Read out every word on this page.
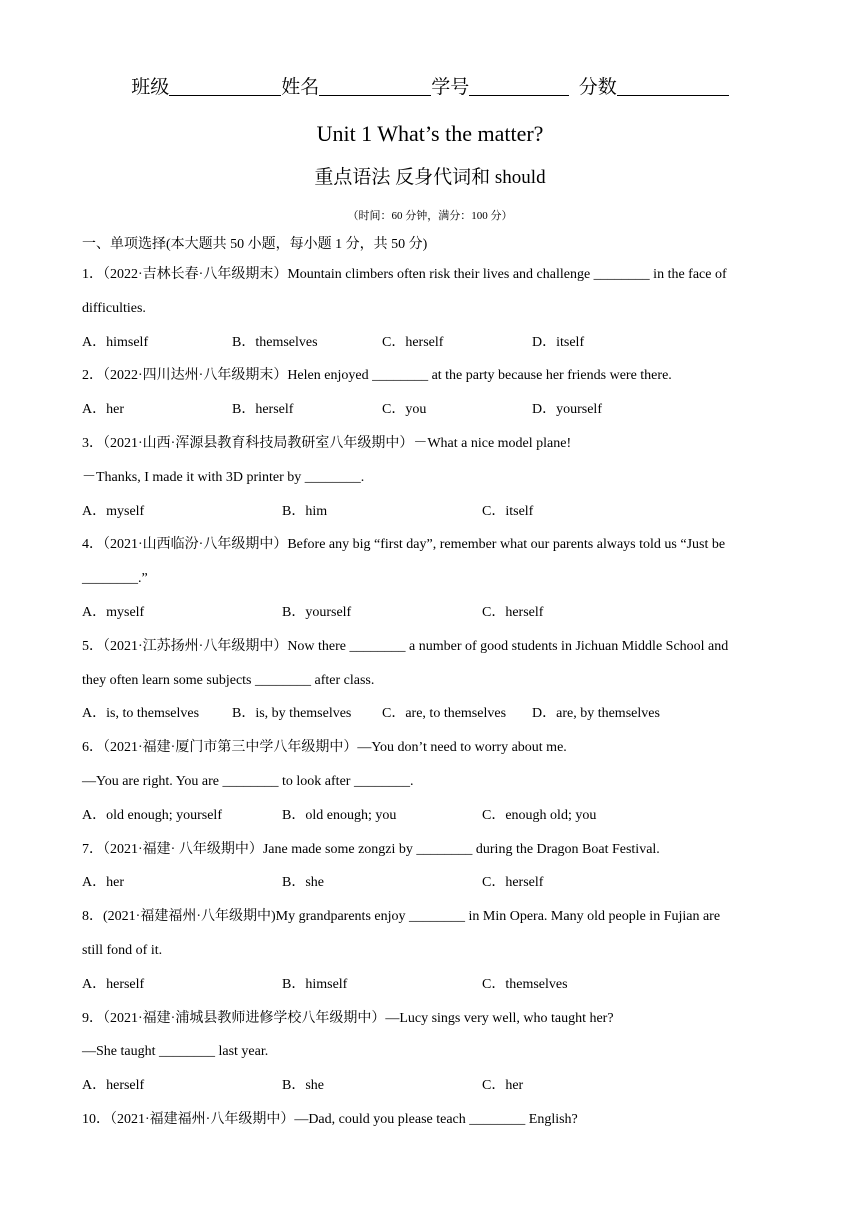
班级	姓名	学号	分数
Unit 1 What’s the matter?
重点语法 反身代词和 should
（时间：60 分钟，满分：100 分）
一、单项选择(本大题共 50 小题，每小题 1 分，共 50 分)
1．（2022·吉林长春·八年级期末）Mountain climbers often risk their lives and challenge ________ in the face of
difficulties.
A．himself	B．themselves	C．herself	D．itself
2．（2022·四川达州·八年级期末）Helen enjoyed ________ at the party because her friends were there.
A．her	B．herself	C．you	D．yourself
3．（2021·山西·浑源县教育科技局教研室八年级期中）－What a nice model plane!
－Thanks, I made it with 3D printer by ________.
A．myself	B．him	C．itself
4．（2021·山西临汾·八年级期中）Before any big “first day”, remember what our parents always told us “Just be
________.”
A．myself	B．yourself	C．herself
5．（2021·江苏扬州·八年级期中）Now there ________ a number of good students in Jichuan Middle School and
they often learn some subjects ________ after class.
A．is, to themselves B．is, by themselves C．are, to themselves D．are, by themselves
6．（2021·福建·厦门市第三中学八年级期中）—You don’t need to worry about me.
—You are right. You are ________ to look after ________.
A．old enough; yourself	B．old enough; you	C．enough old; you
7．（2021·福建· 八年级期中）Jane made some zongzi by ________ during the Dragon Boat Festival.
A．her	B．she	C．herself
8．(2021·福建福州·八年级期中)My grandparents enjoy ________ in Min Opera. Many old people in Fujian are
still fond of it.
A．herself	B．himself	C．themselves
9．（2021·福建·浦城县教师进修学校八年级期中）—Lucy sings very well, who taught her?
—She taught ________ last year.
A．herself	B．she	C．her
10．（2021·福建福州·八年级期中）—Dad, could you please teach ________ English?
